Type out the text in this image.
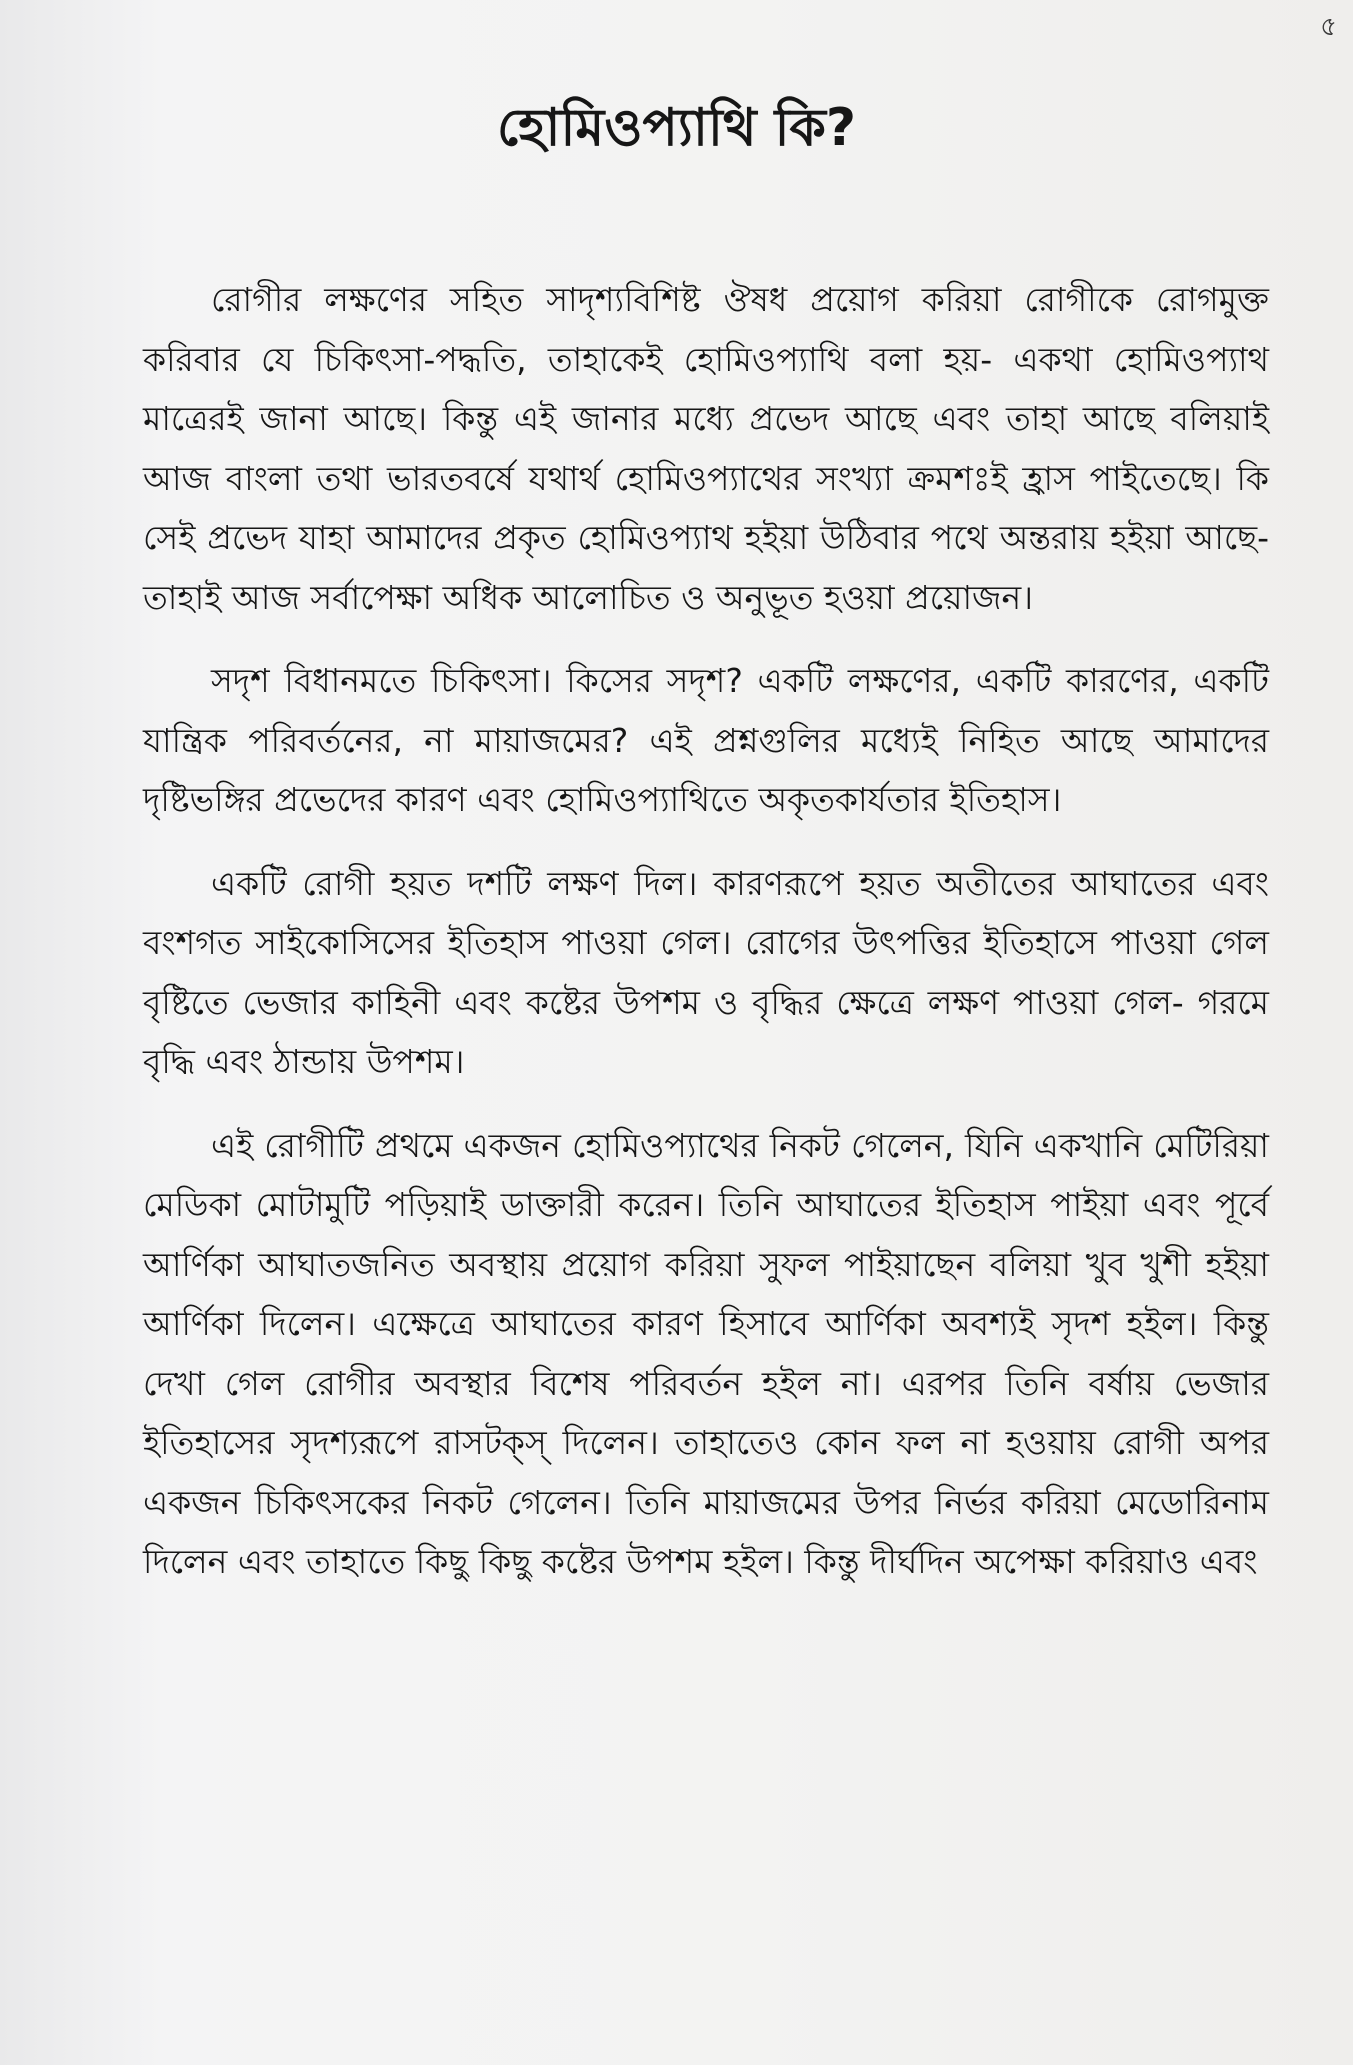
৫
হোমিওপ্যাথি কি?

রোগীর লক্ষণের সহিত সাদৃশ্যবিশিষ্ট ঔষধ প্রয়োগ করিয়া রোগীকে রোগমুক্ত করিবার যে চিকিৎসা-পদ্ধতি, তাহাকেই হোমিওপ্যাথি বলা হয়- একথা হোমিওপ্যাথ মাত্রেরই জানা আছে। কিন্তু এই জানার মধ্যে প্রভেদ আছে এবং তাহা আছে বলিয়াই আজ বাংলা তথা ভারতবর্ষে যথার্থ হোমিওপ্যাথের সংখ্যা ক্রমশঃই হ্রাস পাইতেছে। কি সেই প্রভেদ যাহা আমাদের প্রকৃত হোমিওপ্যাথ হইয়া উঠিবার পথে অন্তরায় হইয়া আছে- তাহাই আজ সর্বাপেক্ষা অধিক আলোচিত ও অনুভূত হওয়া প্রয়োজন।

সদৃশ বিধানমতে চিকিৎসা। কিসের সদৃশ? একটি লক্ষণের, একটি কারণের, একটি যান্ত্রিক পরিবর্তনের, না মায়াজমের? এই প্রশ্নগুলির মধ্যেই নিহিত আছে আমাদের দৃষ্টিভঙ্গির প্রভেদের কারণ এবং হোমিওপ্যাথিতে অকৃতকার্যতার ইতিহাস।

একটি রোগী হয়ত দশটি লক্ষণ দিল। কারণরূপে হয়ত অতীতের আঘাতের এবং বংশগত সাইকোসিসের ইতিহাস পাওয়া গেল। রোগের উৎপত্তির ইতিহাসে পাওয়া গেল বৃষ্টিতে ভেজার কাহিনী এবং কষ্টের উপশম ও বৃদ্ধির ক্ষেত্রে লক্ষণ পাওয়া গেল- গরমে বৃদ্ধি এবং ঠান্ডায় উপশম।

এই রোগীটি প্রথমে একজন হোমিওপ্যাথের নিকট গেলেন, যিনি একখানি মেটিরিয়া মেডিকা মোটামুটি পড়িয়াই ডাক্তারী করেন। তিনি আঘাতের ইতিহাস পাইয়া এবং পূর্বে আর্ণিকা আঘাতজনিত অবস্থায় প্রয়োগ করিয়া সুফল পাইয়াছেন বলিয়া খুব খুশী হইয়া আর্ণিকা দিলেন। এক্ষেত্রে আঘাতের কারণ হিসাবে আর্ণিকা অবশ্যই সৃদশ হইল। কিন্তু দেখা গেল রোগীর অবস্থার বিশেষ পরিবর্তন হইল না। এরপর তিনি বর্ষায় ভেজার ইতিহাসের সৃদশ্যরূপে রাসটক্স্ দিলেন। তাহাতেও কোন ফল না হওয়ায় রোগী অপর একজন চিকিৎসকের নিকট গেলেন। তিনি মায়াজমের উপর নির্ভর করিয়া মেডোরিনাম দিলেন এবং তাহাতে কিছু কিছু কষ্টের উপশম হইল। কিন্তু দীর্ঘদিন অপেক্ষা করিয়াও এবং
